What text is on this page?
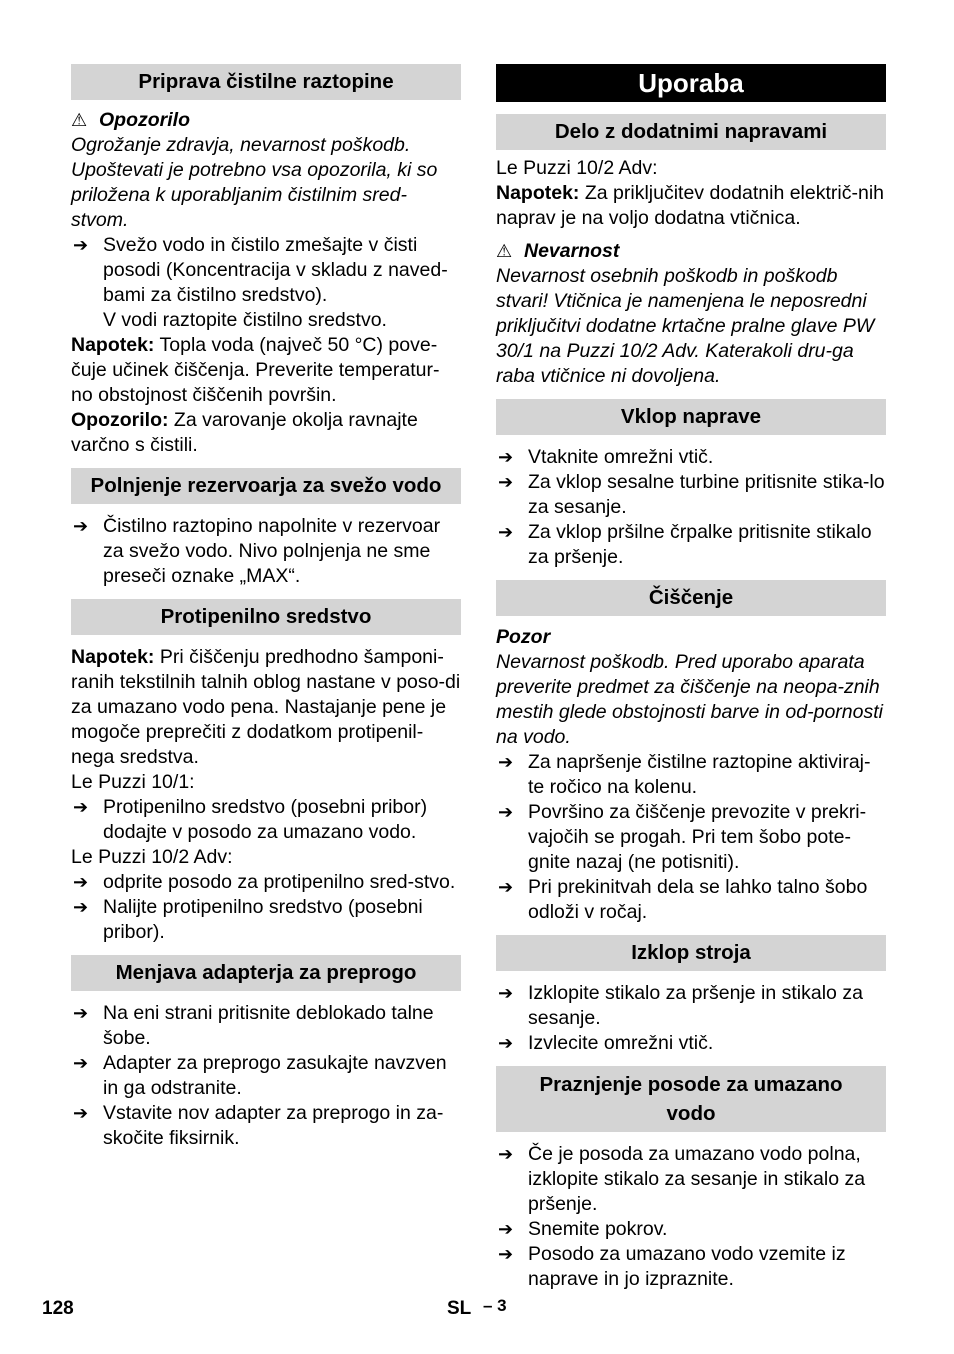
Priprava čistilne raztopine
⚠ Opozorilo
Ogrožanje zdravja, nevarnost poškodb. Upoštevati je potrebno vsa opozorila, ki so priložena k uporabljanim čistilnim sred-stvom.
➔ Svežo vodo in čistilo zmešajte v čisti posodi (Koncentracija v skladu z naved-bami za čistilno sredstvo).
V vodi raztopite čistilno sredstvo.
Napotek: Topla voda (največ 50 °C) pove-čuje učinek čiščenja. Preverite temperatur-no obstojnost čiščenih površin.
Opozorilo: Za varovanje okolja ravnajte varčno s čistili.
Polnjenje rezervoarja za svežo vodo
➔ Čistilno raztopino napolnite v rezervoar za svežo vodo. Nivo polnjenja ne sme preseči oznake „MAX“.
Protipenilno sredstvo
Napotek: Pri čiščenju predhodno šamponi-ranih tekstilnih talnih oblog nastane v poso-di za umazano vodo pena. Nastajanje pene je mogoče preprečiti z dodatkom protipenil-nega sredstva.
Le Puzzi 10/1:
➔ Protipenilno sredstvo (posebni pribor) dodajte v posodo za umazano vodo.
Le Puzzi 10/2 Adv:
➔ odprite posodo za protipenilno sred-stvo.
➔ Nalijte protipenilno sredstvo (posebni pribor).
Menjava adapterja za preprogo
➔ Na eni strani pritisnite deblokado talne šobe.
➔ Adapter za preprogo zasukajte navzven in ga odstranite.
➔ Vstavite nov adapter za preprogo in za-skočite fiksirnik.
Uporaba
Delo z dodatnimi napravami
Le Puzzi 10/2 Adv:
Napotek: Za priključitev dodatnih električ-nih naprav je na voljo dodatna vtičnica.
⚠ Nevarnost
Nevarnost osebnih poškodb in poškodb stvari! Vtičnica je namenjena le neposredni priključitvi dodatne krtačne pralne glave PW 30/1 na Puzzi 10/2 Adv. Katerakoli dru-ga raba vtičnice ni dovoljena.
Vklop naprave
➔ Vtaknite omrežni vtič.
➔ Za vklop sesalne turbine pritisnite stika-lo za sesanje.
➔ Za vklop pršilne črpalke pritisnite stikalo za pršenje.
Čiščenje
Pozor
Nevarnost poškodb. Pred uporabo aparata preverite predmet za čiščenje na neopa-znih mestih glede obstojnosti barve in od-pornosti na vodo.
➔ Za napršenje čistilne raztopine aktiviraj-te ročico na kolenu.
➔ Površino za čiščenje prevozite v prekri-vajočih se progah. Pri tem šobo pote-gnite nazaj (ne potisniti).
➔ Pri prekinitvah dela se lahko talno šobo odloži v ročaj.
Izklop stroja
➔ Izklopite stikalo za pršenje in stikalo za sesanje.
➔ Izvlecite omrežni vtič.
Praznjenje posode za umazano vodo
➔ Če je posoda za umazano vodo polna, izklopite stikalo za sesanje in stikalo za pršenje.
➔ Snemite pokrov.
➔ Posodo za umazano vodo vzemite iz naprave in jo izpraznite.
128	SL – 3
